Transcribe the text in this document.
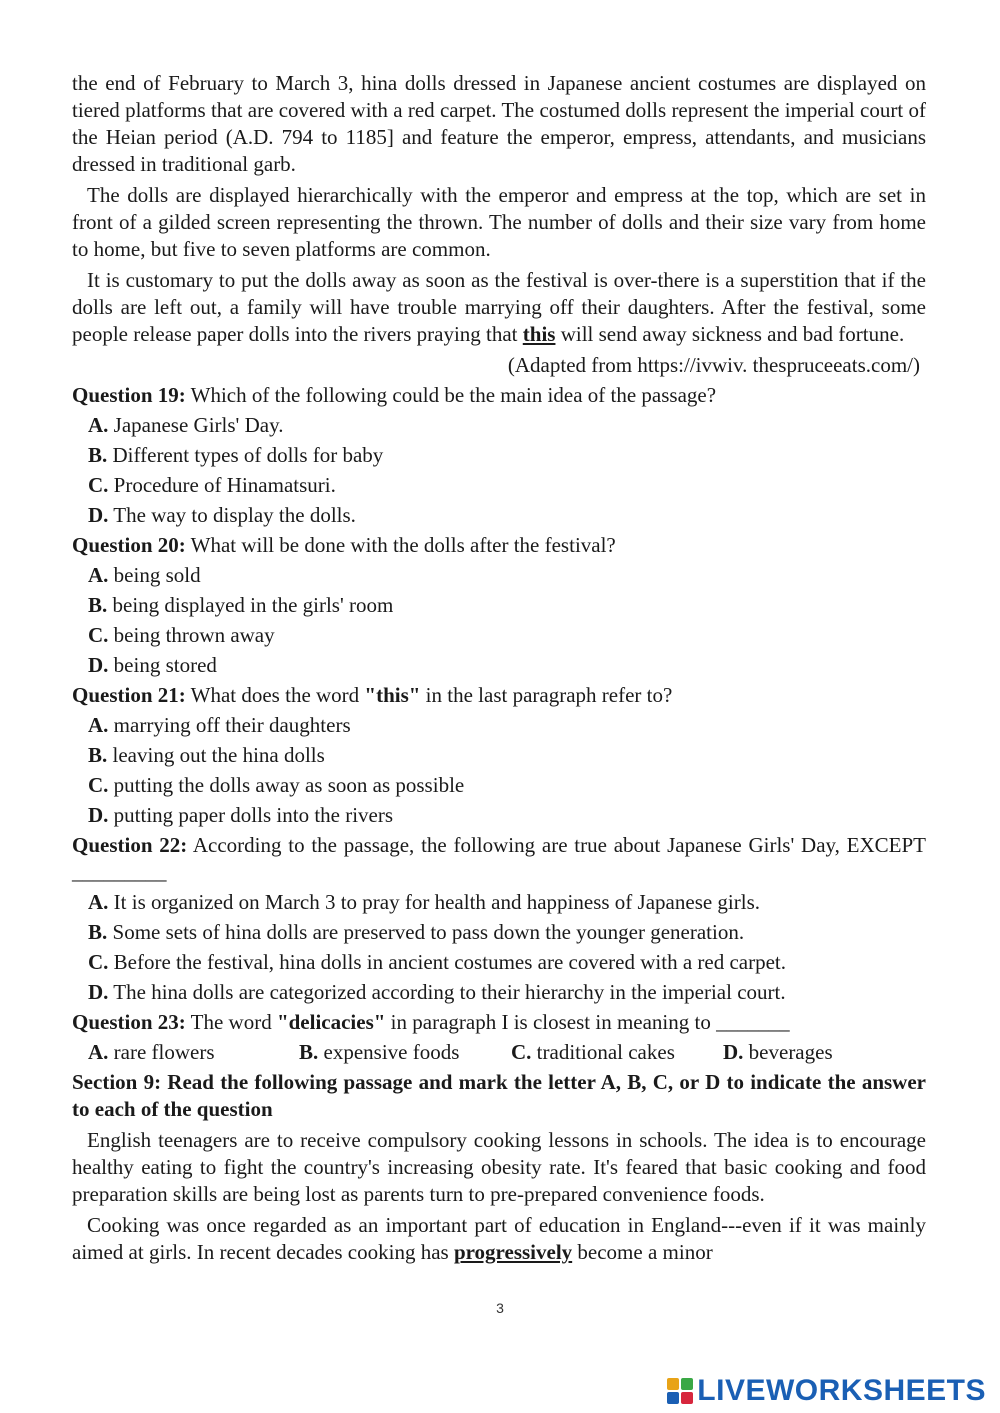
the end of February to March 3, hina dolls dressed in Japanese ancient costumes are displayed on tiered platforms that are covered with a red carpet. The costumed dolls represent the imperial court of the Heian period (A.D. 794 to 1185] and feature the emperor, empress, attendants, and musicians dressed in traditional garb.

The dolls are displayed hierarchically with the emperor and empress at the top, which are set in front of a gilded screen representing the thrown. The number of dolls and their size vary from home to home, but five to seven platforms are common.

It is customary to put the dolls away as soon as the festival is over-there is a superstition that if the dolls are left out, a family will have trouble marrying off their daughters. After the festival, some people release paper dolls into the rivers praying that this will send away sickness and bad fortune.

(Adapted from https://ivwiv. thespruceeats.com/)
Question 19: Which of the following could be the main idea of the passage?
A. Japanese Girls' Day.
B. Different types of dolls for baby
C. Procedure of Hinamatsuri.
D. The way to display the dolls.
Question 20: What will be done with the dolls after the festival?
A. being sold
B. being displayed in the girls' room
C. being thrown away
D. being stored
Question 21: What does the word "this" in the last paragraph refer to?
A. marrying off their daughters
B. leaving out the hina dolls
C. putting the dolls away as soon as possible
D. putting paper dolls into the rivers
Question 22: According to the passage, the following are true about Japanese Girls' Day, EXCEPT _________
A. It is organized on March 3 to pray for health and happiness of Japanese girls.
B. Some sets of hina dolls are preserved to pass down the younger generation.
C. Before the festival, hina dolls in ancient costumes are covered with a red carpet.
D. The hina dolls are categorized according to their hierarchy in the imperial court.
Question 23: The word "delicacies" in paragraph I is closest in meaning to _______
A. rare flowers	B. expensive foods	C. traditional cakes	D. beverages
Section 9: Read the following passage and mark the letter A, B, C, or D to indicate the answer to each of the question

English teenagers are to receive compulsory cooking lessons in schools. The idea is to encourage healthy eating to fight the country's increasing obesity rate. It's feared that basic cooking and food preparation skills are being lost as parents turn to pre-prepared convenience foods.

Cooking was once regarded as an important part of education in England---even if it was mainly aimed at girls. In recent decades cooking has progressively become a minor

3
LIVEWORKSHEETS
